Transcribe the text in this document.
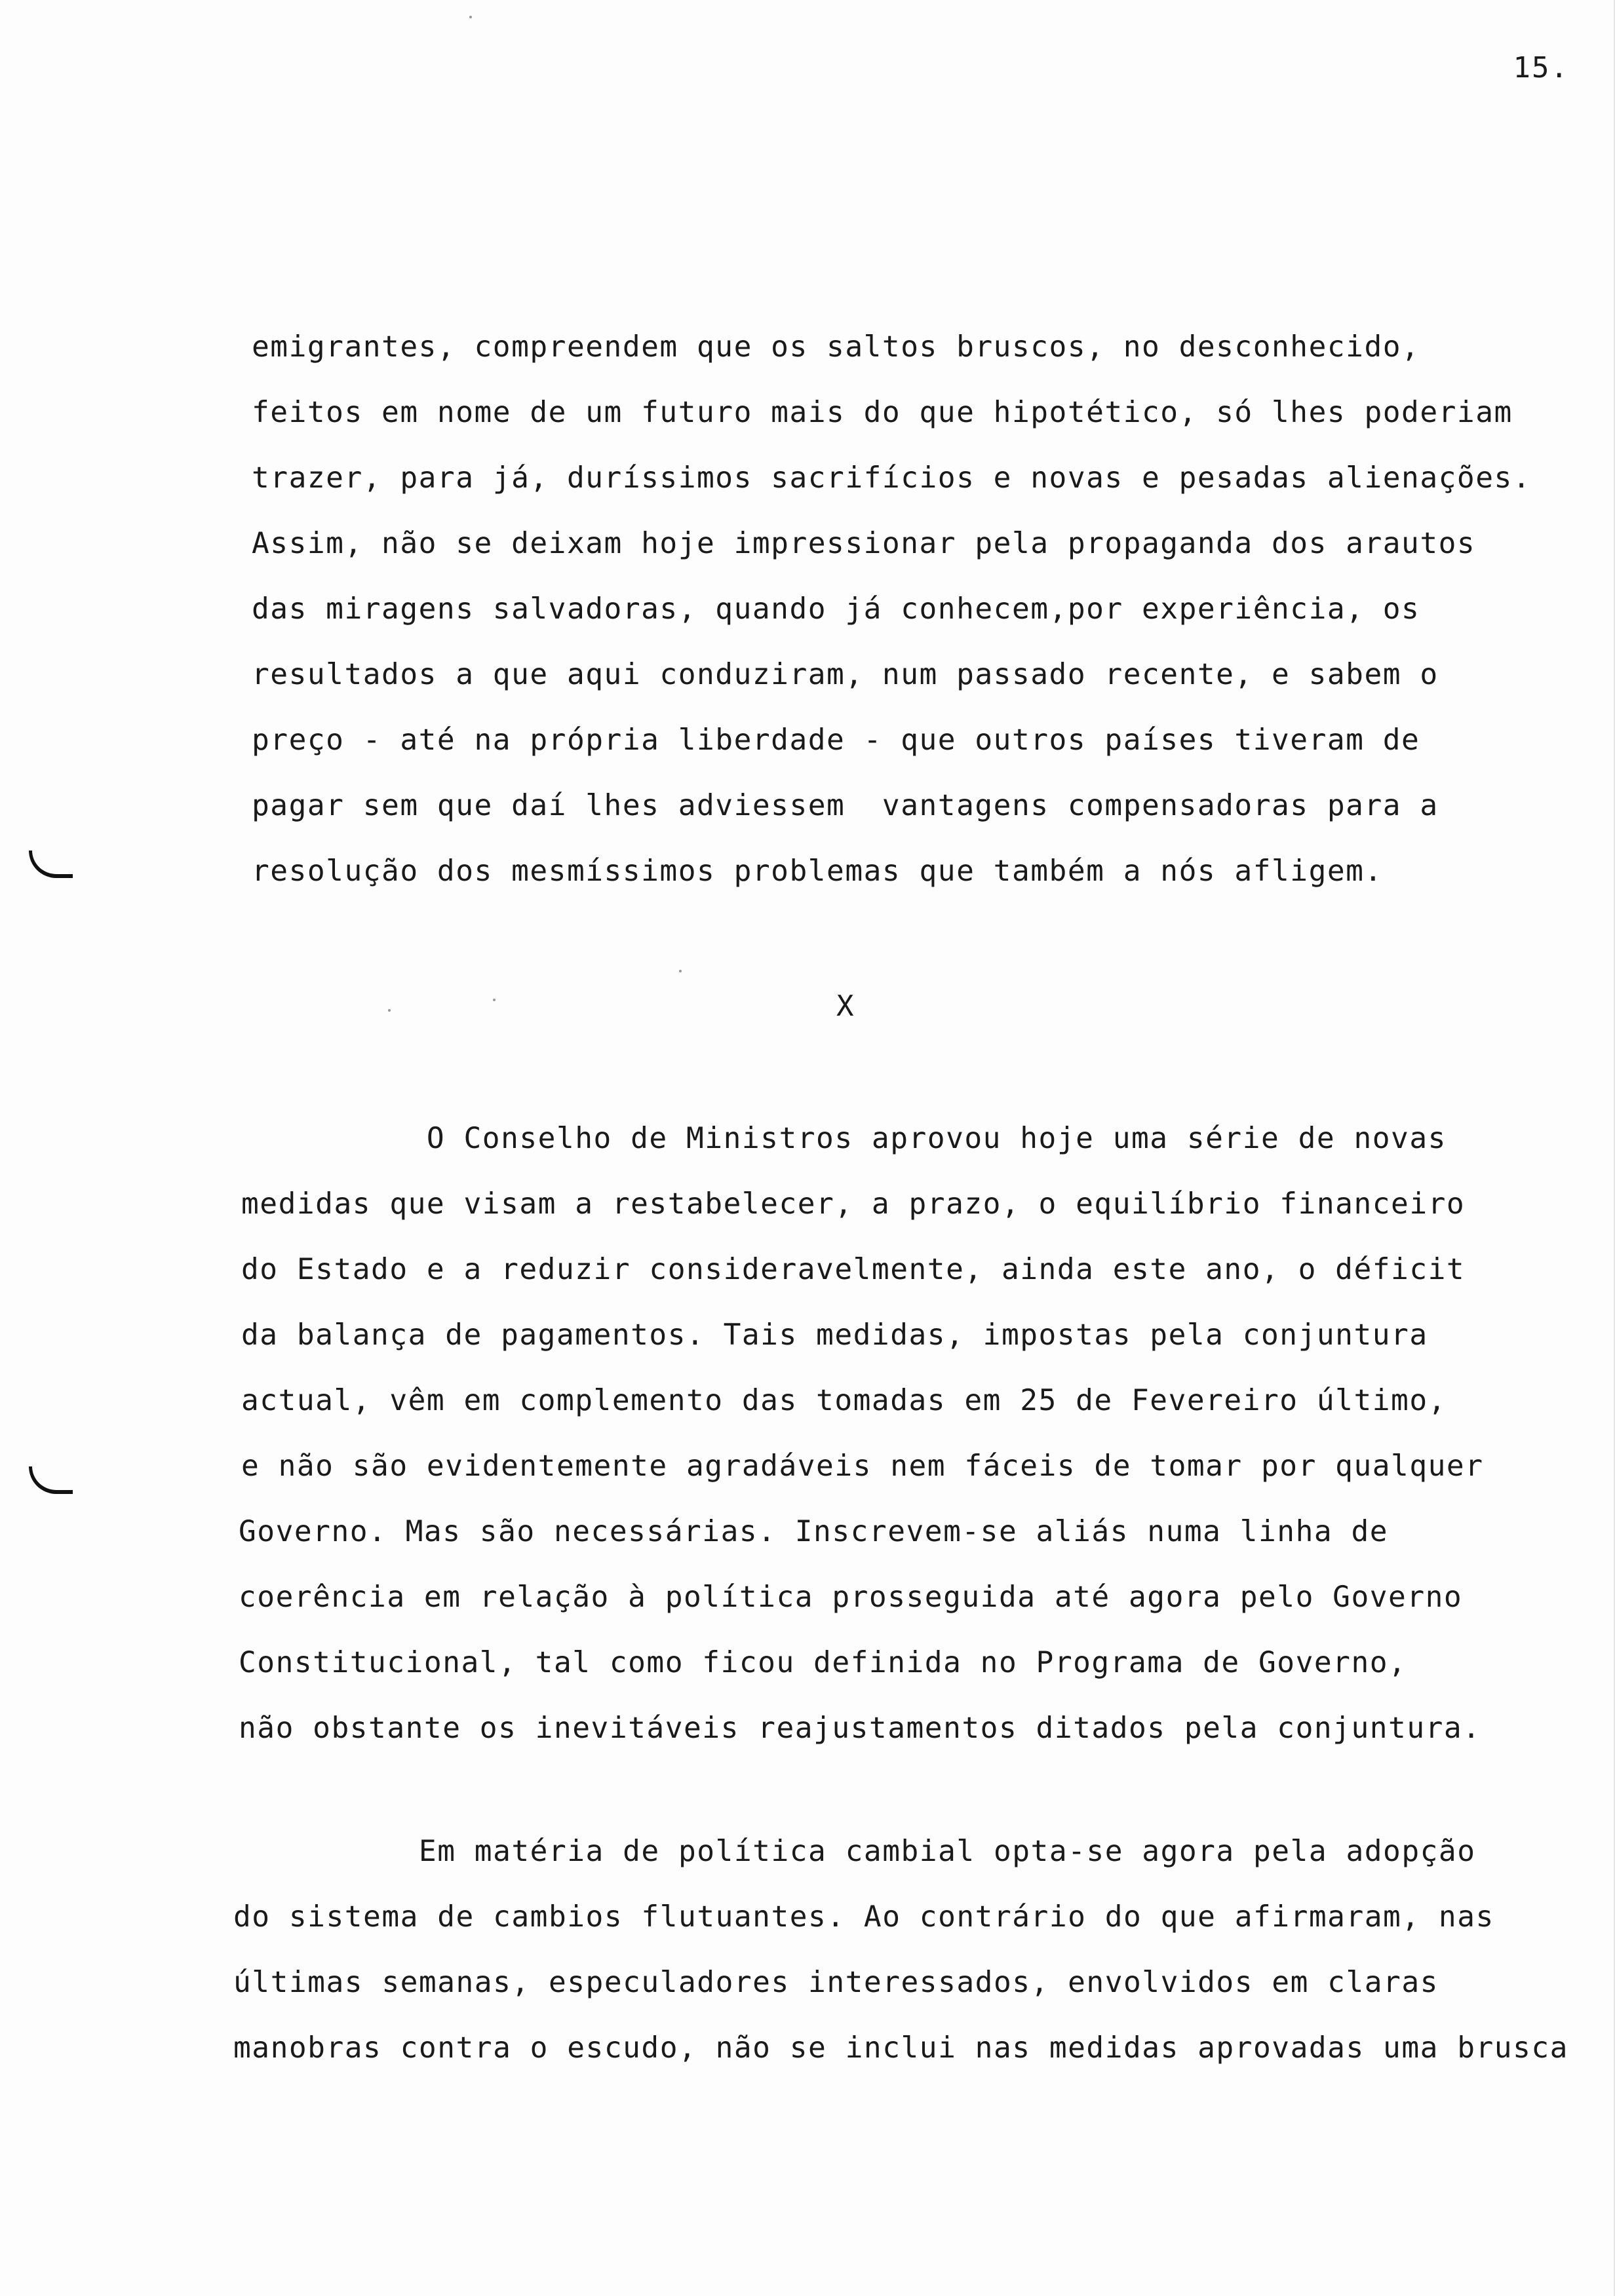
15.
emigrantes, compreendem que os saltos bruscos, no desconhecido,
feitos em nome de um futuro mais do que hipotético, só lhes poderiam
trazer, para já, duríssimos sacrifícios e novas e pesadas alienações.
Assim, não se deixam hoje impressionar pela propaganda dos arautos
das miragens salvadoras, quando já conhecem,por experiência, os
resultados a que aqui conduziram, num passado recente, e sabem o
preço - até na própria liberdade - que outros países tiveram de
pagar sem que daí lhes adviessem  vantagens compensadoras para a
resolução dos mesmíssimos problemas que também a nós afligem.
X
O Conselho de Ministros aprovou hoje uma série de novas
medidas que visam a restabelecer, a prazo, o equilíbrio financeiro
do Estado e a reduzir consideravelmente, ainda este ano, o déficit
da balança de pagamentos. Tais medidas, impostas pela conjuntura
actual, vêm em complemento das tomadas em 25 de Fevereiro último,
e não são evidentemente agradáveis nem fáceis de tomar por qualquer
Governo. Mas são necessárias. Inscrevem-se aliás numa linha de
coerência em relação à política prosseguida até agora pelo Governo
Constitucional, tal como ficou definida no Programa de Governo,
não obstante os inevitáveis reajustamentos ditados pela conjuntura.
Em matéria de política cambial opta-se agora pela adopção
do sistema de cambios flutuantes. Ao contrário do que afirmaram, nas
últimas semanas, especuladores interessados, envolvidos em claras
manobras contra o escudo, não se inclui nas medidas aprovadas uma brusca
